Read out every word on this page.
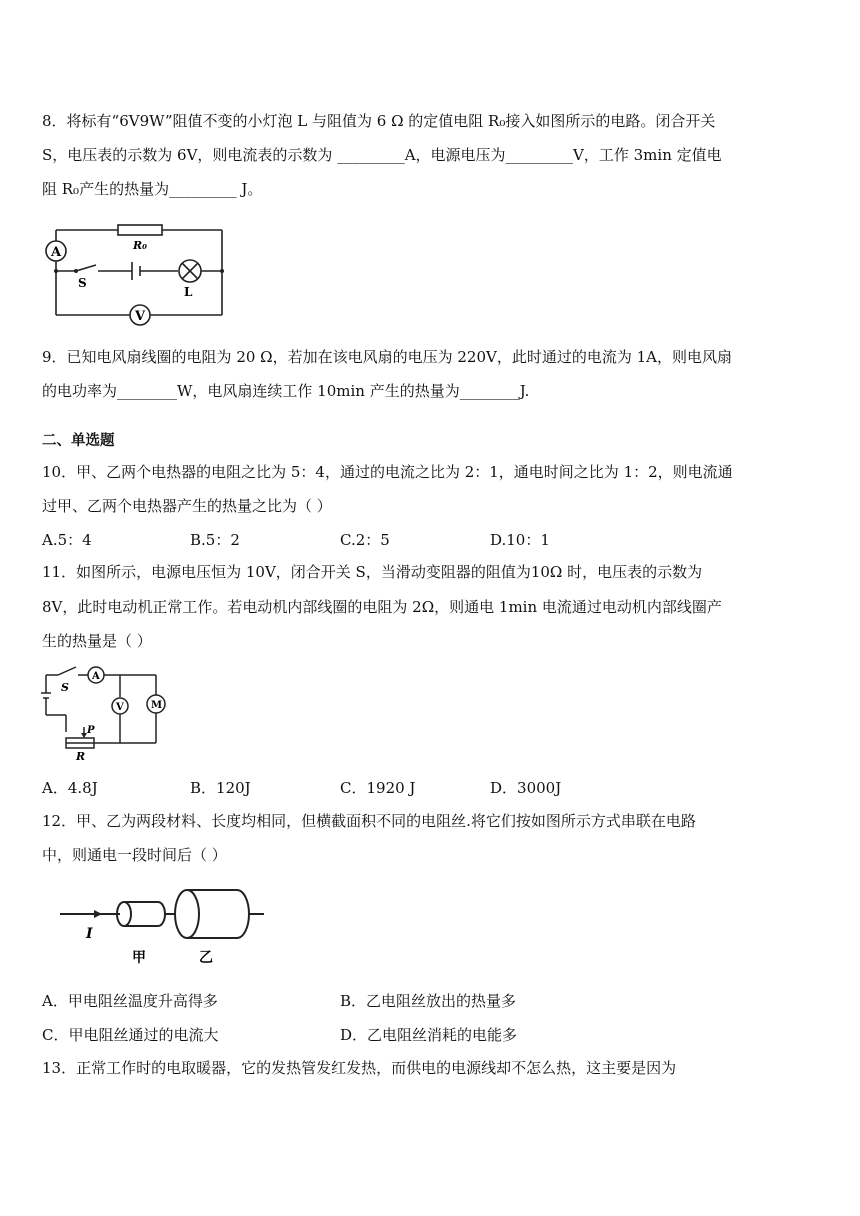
8．将标有“6V9W”阻值不变的小灯泡 L 与阻值为 6 Ω 的定值电阻 R₀接入如图所示的电路。闭合开关
S，电压表的示数为 6V，则电流表的示数为 _________A，电源电压为_________V，工作 3min 定值电
阻 R₀产生的热量为_________ J。
A	R₀
S
L
V
9．已知电风扇线圈的电阻为 20 Ω，若加在该电风扇的电压为 220V，此时通过的电流为 1A，则电风扇
的电功率为________W，电风扇连续工作 10min 产生的热量为________J.
二、单选题
10．甲、乙两个电热器的电阻之比为 5：4，通过的电流之比为 2：1，通电时间之比为 1：2，则电流通
过甲、乙两个电热器产生的热量之比为（ ）
A.5：4	B.5：2	C.2：5	D.10：1
11．如图所示，电源电压恒为 10V，闭合开关 S，当滑动变阻器的阻值为10Ω 时，电压表的示数为
8V，此时电动机正常工作。若电动机内部线圈的电阻为 2Ω，则通电 1min 电流通过电动机内部线圈产
生的热量是（ ）
S
A
V	M
P
R
A．4.8J	B．120J	C．1920 J	D．3000J
12．甲、乙为两段材料、长度均相同，但横截面积不同的电阻丝.将它们按如图所示方式串联在电路
中，则通电一段时间后（ ）
I
甲	乙
A．甲电阻丝温度升高得多	B．乙电阻丝放出的热量多
C．甲电阻丝通过的电流大	D．乙电阻丝消耗的电能多
13．正常工作时的电取暖器，它的发热管发红发热，而供电的电源线却不怎么热，这主要是因为
